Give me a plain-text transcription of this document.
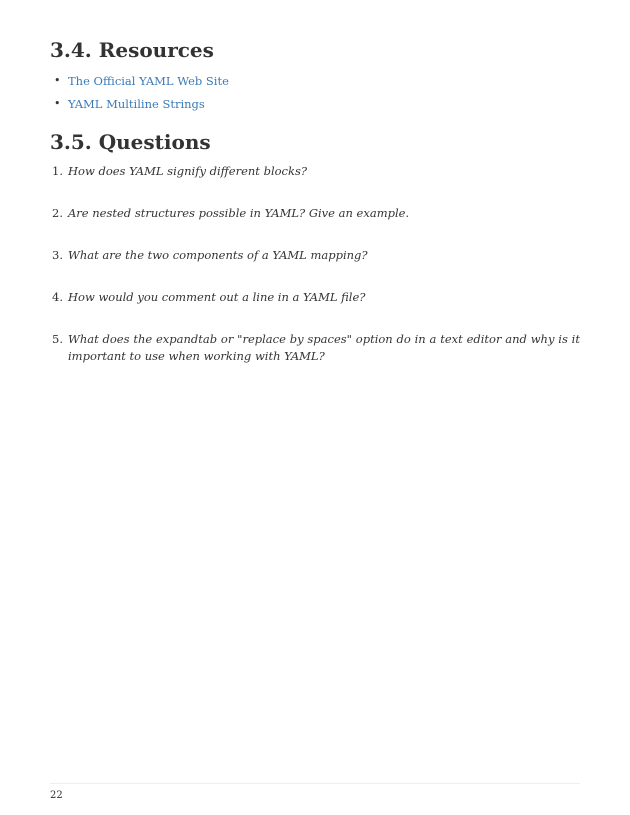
3.4. Resources
• The Official YAML Web Site
• YAML Multiline Strings
3.5. Questions
1. How does YAML signify different blocks?
2. Are nested structures possible in YAML? Give an example.
3. What are the two components of a YAML mapping?
4. How would you comment out a line in a YAML file?
5. What does the expandtab or "replace by spaces" option do in a text editor and why is it important to use when working with YAML?
22
